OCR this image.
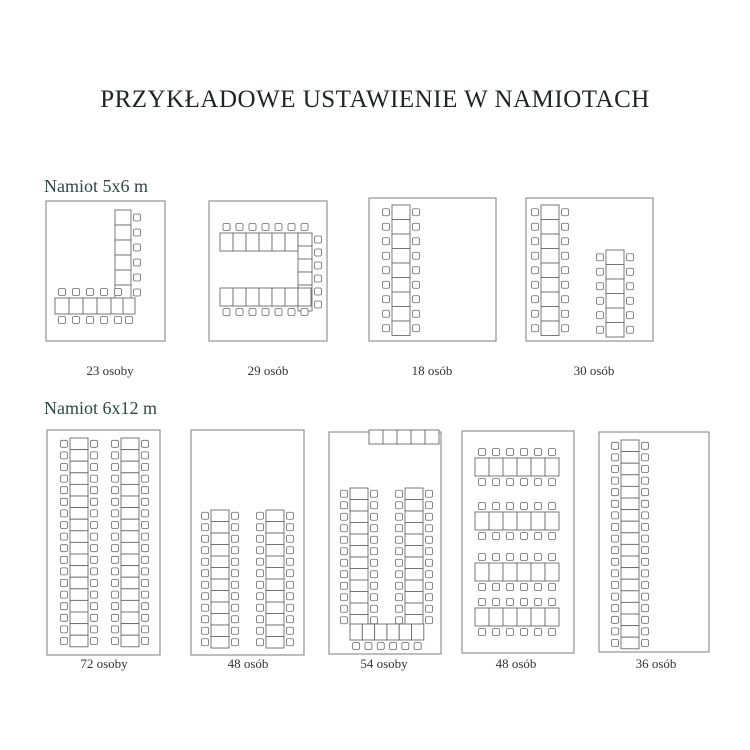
PRZYKŁADOWE USTAWIENIE W NAMIOTACH
Namiot 5x6 m
Namiot 6x12 m
23 osoby	29 osób	18 osób	30 osób
72 osoby	48 osób	54 osoby	48 osób	36 osób
